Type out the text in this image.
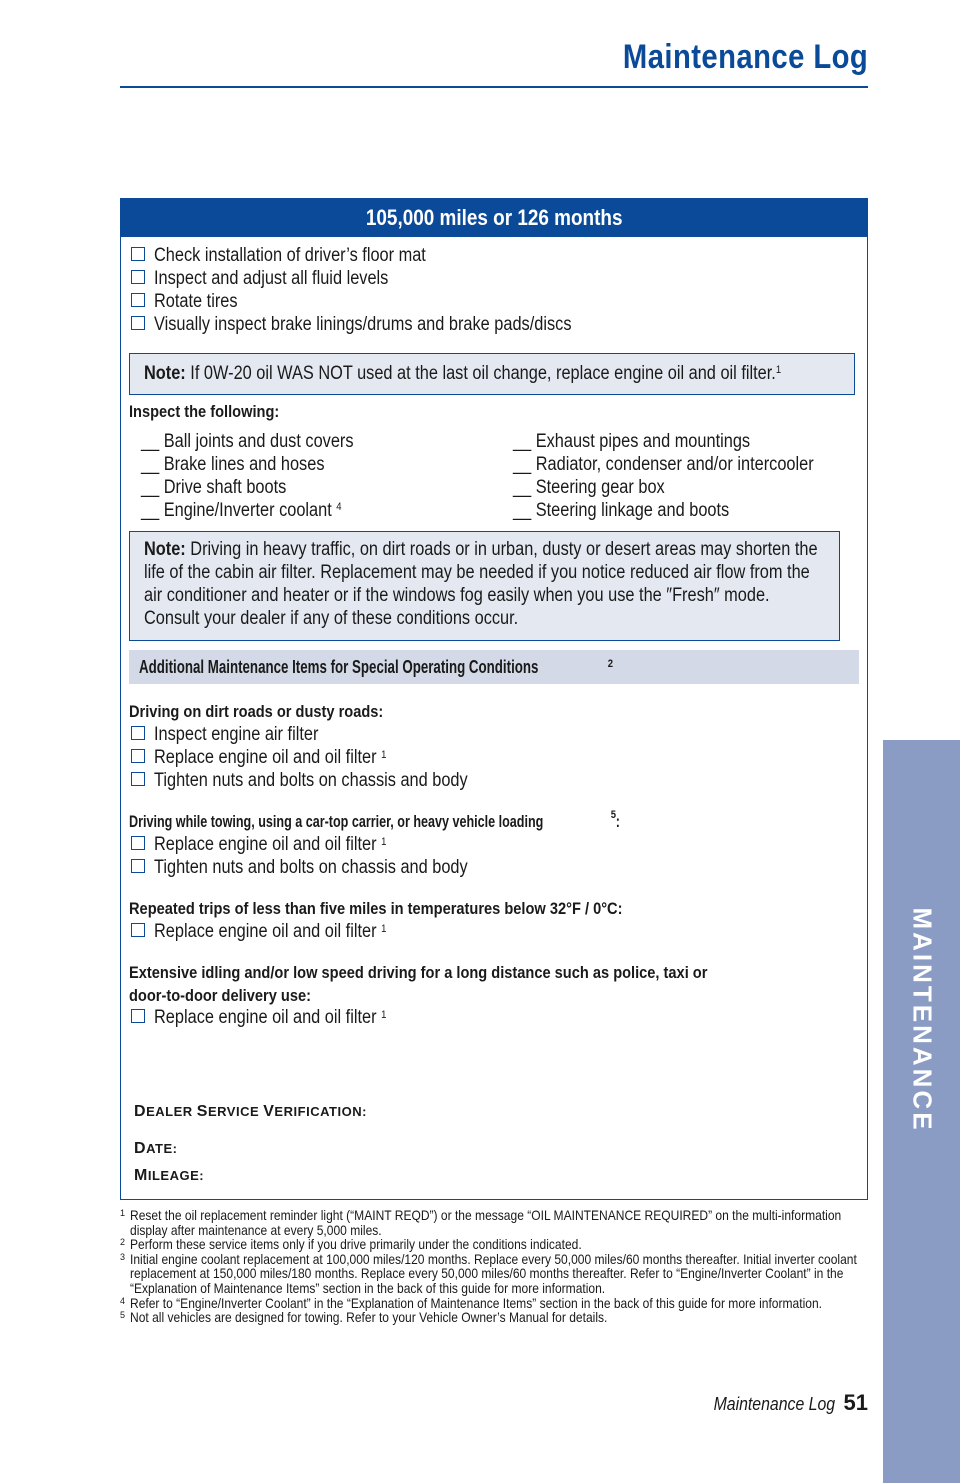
Maintenance Log
105,000 miles or 126 months
Check installation of driver’s floor mat
Inspect and adjust all fluid levels
Rotate tires
Visually inspect brake linings/drums and brake pads/discs
Note: If 0W-20 oil WAS NOT used at the last oil change, replace engine oil and oil filter.$^1$
Inspect the following:
__ Ball joints and dust covers
__ Brake lines and hoses
__ Drive shaft boots
__ Engine/Inverter coolant $^4$
__ Exhaust pipes and mountings
__ Radiator, condenser and/or intercooler
__ Steering gear box
__ Steering linkage and boots
Note: Driving in heavy traffic, on dirt roads or in urban, dusty or desert areas may shorten the life of the cabin air filter. Replacement may be needed if you notice reduced air flow from the air conditioner and heater or if the windows fog easily when you use the ″Fresh″ mode. Consult your dealer if any of these conditions occur.
Additional Maintenance Items for Special Operating Conditions	$^2$
Driving on dirt roads or dusty roads:
Inspect engine air filter
Replace engine oil and oil filter $^1$
Tighten nuts and bolts on chassis and body
Driving while towing, using a car-top carrier, or heavy vehicle loading	$^5$:
Replace engine oil and oil filter $^1$
Tighten nuts and bolts on chassis and body
Repeated trips of less than five miles in temperatures below 32°F / 0°C:
Replace engine oil and oil filter $^1$
Extensive idling and/or low speed driving for a long distance such as police, taxi or
door-to-door delivery use:
Replace engine oil and oil filter $^1$
DEALER SERVICE VERIFICATION:
DATE:
MILEAGE:
1 Reset the oil replacement reminder light (“MAINT REQD”) or the message “OIL MAINTENANCE REQUIRED” on the multi-information display after maintenance at every 5,000 miles.
2 Perform these service items only if you drive primarily under the conditions indicated.
3 Initial engine coolant replacement at 100,000 miles/120 months. Replace every 50,000 miles/60 months thereafter. Initial inverter coolant replacement at 150,000 miles/180 months. Replace every 50,000 miles/60 months thereafter. Refer to “Engine/Inverter Coolant” in the “Explanation of Maintenance Items” section in the back of this guide for more information.
4 Refer to “Engine/Inverter Coolant” in the “Explanation of Maintenance Items” section in the back of this guide for more information.
5 Not all vehicles are designed for towing. Refer to your Vehicle Owner’s Manual for details.
MAINTENANCE
Maintenance Log 51
